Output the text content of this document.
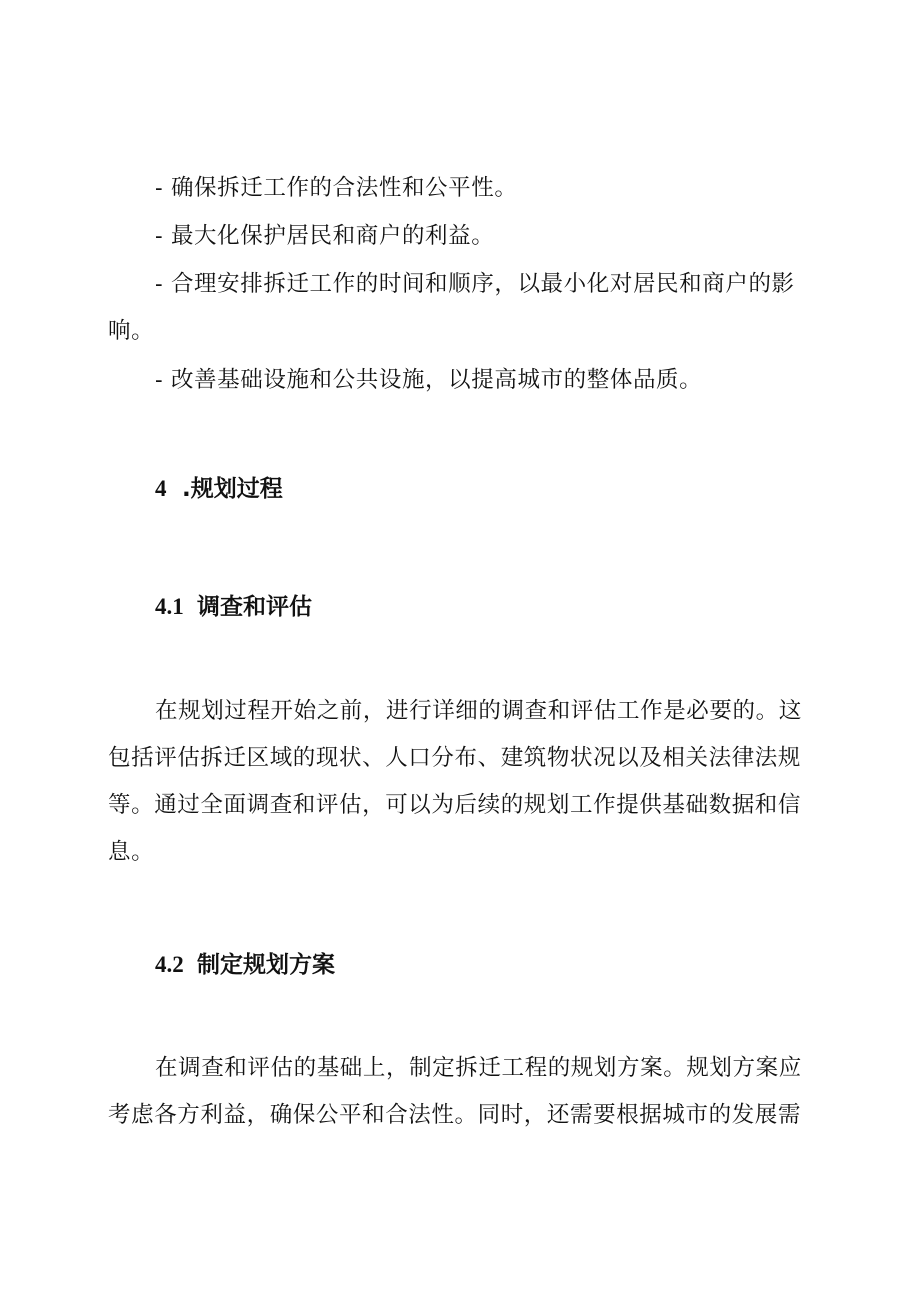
- 确保拆迁工作的合法性和公平性。

- 最大化保护居民和商户的利益。

- 合理安排拆迁工作的时间和顺序，以最小化对居民和商户的影响。

- 改善基础设施和公共设施，以提高城市的整体品质。

4 .规划过程
4.1 调查和评估

在规划过程开始之前，进行详细的调查和评估工作是必要的。这包括评估拆迁区域的现状、人口分布、建筑物状况以及相关法律法规等。通过全面调查和评估，可以为后续的规划工作提供基础数据和信息。

4.2 制定规划方案

在调查和评估的基础上，制定拆迁工程的规划方案。规划方案应考虑各方利益，确保公平和合法性。同时，还需要根据城市的发展需
